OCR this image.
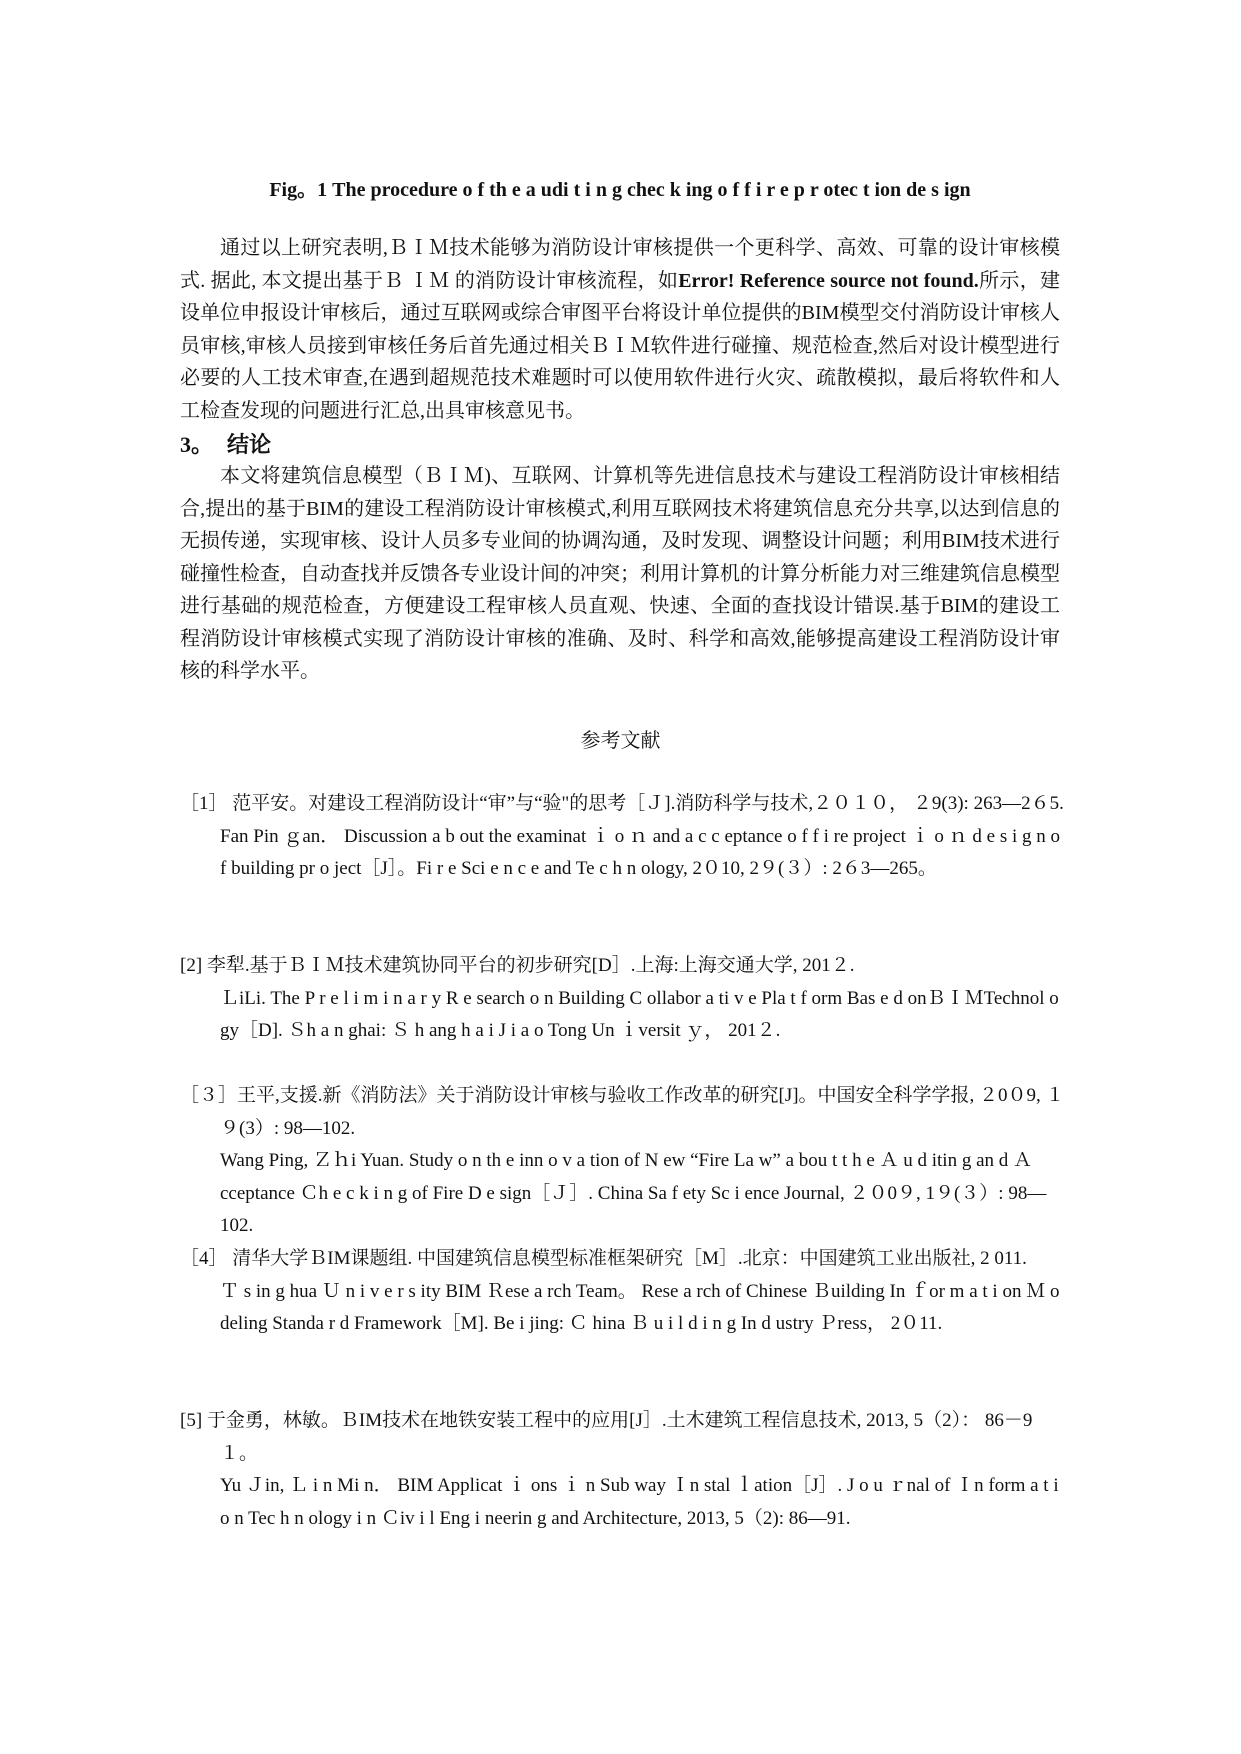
Fig。1 The procedure o f th e a udi t i n g chec k ing o f f i r e p r otec t ion de s ign
通过以上研究表明,ＢＩＭ技术能够为消防设计审核提供一个更科学、高效、可靠的设计审核模式. 据此, 本文提出基于Ｂ ＩＭ 的消防设计审核流程，如Error! Reference source not found.所示，建设单位申报设计审核后，通过互联网或综合审图平台将设计单位提供的BIM模型交付消防设计审核人员审核,审核人员接到审核任务后首先通过相关ＢＩＭ软件进行碰撞、规范检查,然后对设计模型进行必要的人工技术审查,在遇到超规范技术难题时可以使用软件进行火灾、疏散模拟，最后将软件和人工检查发现的问题进行汇总,出具审核意见书。
3。 结论
本文将建筑信息模型（ＢＩＭ)、互联网、计算机等先进信息技术与建设工程消防设计审核相结合,提出的基于BIM的建设工程消防设计审核模式,利用互联网技术将建筑信息充分共享,以达到信息的无损传递，实现审核、设计人员多专业间的协调沟通，及时发现、调整设计问题；利用BIM技术进行碰撞性检查，自动查找并反馈各专业设计间的冲突；利用计算机的计算分析能力对三维建筑信息模型进行基础的规范检查，方便建设工程审核人员直观、快速、全面的查找设计错误.基于BIM的建设工程消防设计审核模式实现了消防设计审核的准确、及时、科学和高效,能够提高建设工程消防设计审核的科学水平。
参考文献
［1］ 范平安。对建设工程消防设计“审”与“验"的思考［Ｊ].消防科学与技术,２０１０， ２9(3): 263—2６5.
Fan Pin ｇan． Discussion a b out the examinat ｉ o ｎ and a c c eptance o f f i re project ｉ o ｎ d e s i g n o f building pr o ject［J］。Fi r e Sci e n c e and Te c h n ology, 2０10, 2９(３）: 2６3—265。
[2] 李犁.基于ＢＩＭ技术建筑协同平台的初步研究[D］.上海:上海交通大学, 201２.
ＬiLi. The P r e l i m i n a r y R e search o n Building C ollabor a ti v e Pla t f orm Bas e d onＢＩＭTechnol o gy［D]. Ｓh a n ghai: Ｓ h ang h a i J i a o Tong Un ｉversit ｙ， 201２.
［３］王平,支援.新《消防法》关于消防设计审核与验收工作改革的研究[J]。中国安全科学学报, ２0０9, １９(3）: 98—102.
Wang Ping, Ｚｈi Yuan. Study o n th e inn o v a tion of N ew “Fire La w” a bou t t h e Ａ u d itin g an d Ａcceptance Ｃh e c k i n g of Fire D e sign［Ｊ］. China Sa f ety Sc i ence Journal, ２０0９, 1９(３）: 98—102.
［4］ 清华大学ＢIM课题组. 中国建筑信息模型标准框架研究［M］.北京：中国建筑工业出版社, 2 011.
Ｔ s in g hua Ｕ n i v e r s ity BIM Ｒese a rch Team。 Rese a rch of Chinese Ｂuilding In ｆor m a t i on Ｍ o deling Standa r d Framework［M]. Be i jing: Ｃ hina Ｂ u i l d i n g In d ustry Ｐress， 2０11.
[5] 于金勇，林敏。ＢIM技术在地铁安装工程中的应用[J］.土木建筑工程信息技术, 2013, 5（2）： 86－9１。
Yu Ｊin, Ｌ i n Mi n． BIM Applicat ｉ ons ｉ n Sub way Ｉn stal ｌation［J］. J o u ｒnal of Ｉn form a t i o n Tec h n ology i n Ｃiv i l Eng i neerin g and Architecture, 2013, 5（2): 86—91.
